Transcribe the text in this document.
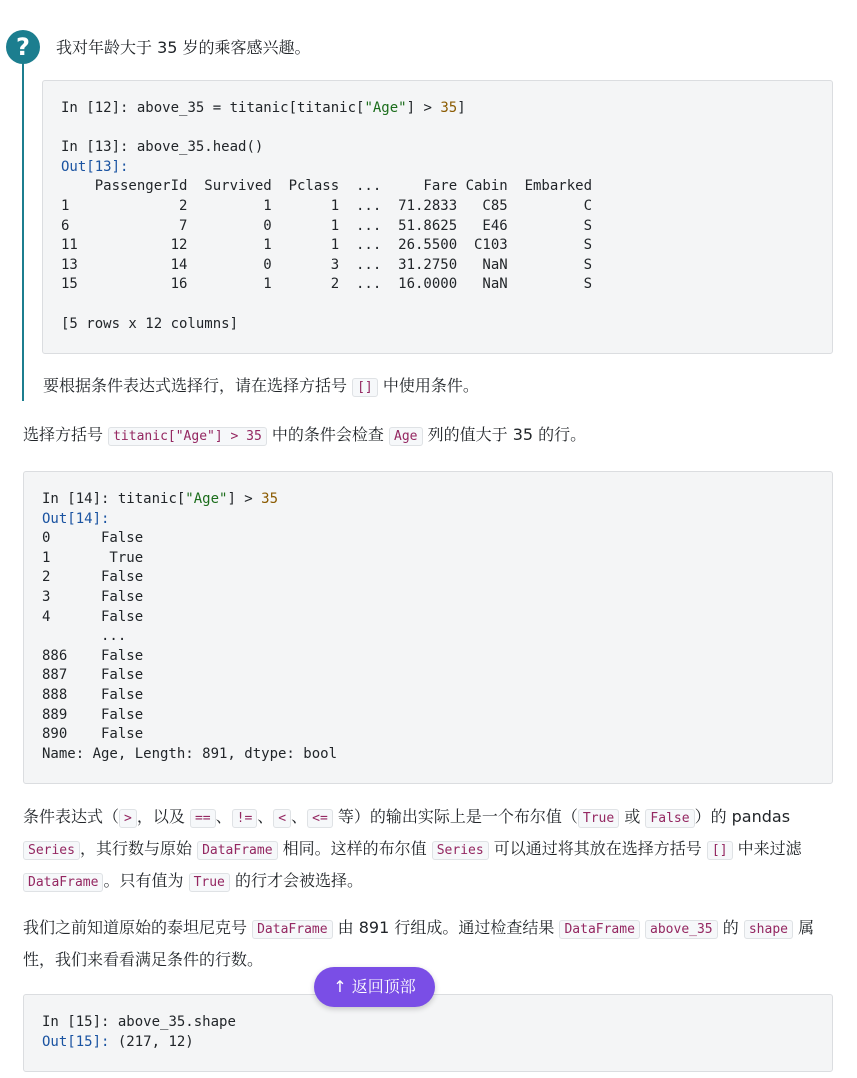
?	我对年龄大于 35 岁的乘客感兴趣。
In [12]: above_35 = titanic[titanic["Age"] > 35]

In [13]: above_35.head()
Out[13]:
PassengerId  Survived  Pclass  ...     Fare Cabin  Embarked
1             2         1       1  ...  71.2833   C85         C
6             7         0       1  ...  51.8625   E46         S
11           12         1       1  ...  26.5500  C103         S
13           14         0       3  ...  31.2750   NaN         S
15           16         1       2  ...  16.0000   NaN         S

[5 rows x 12 columns]

要根据条件表达式选择行，请在选择方括号 [] 中使用条件。

选择方括号 titanic["Age"] > 35 中的条件会检查 Age 列的值大于 35 的行。

In [14]: titanic["Age"] > 35
Out[14]:
0      False
1       True
2      False
3      False
4      False
...
886    False
887    False
888    False
889    False
890    False
Name: Age, Length: 891, dtype: bool

条件表达式（ > ，以及 == 、 != 、 < 、 <= 等）的输出实际上是一个布尔值（ True 或 False ）的 pandas Series ，其行数与原始 DataFrame 相同。这样的布尔值 Series 可以通过将其放在选择方括号 [] 中来过滤 DataFrame 。只有值为 True 的行才会被选择。

我们之前知道原始的泰坦尼克号 DataFrame 由 891 行组成。通过检查结果 DataFrame above_35 的 shape 属性，我们来看看满足条件的行数。

In [15]: above_35.shape
Out[15]: (217, 12)
↑ 返回顶部
